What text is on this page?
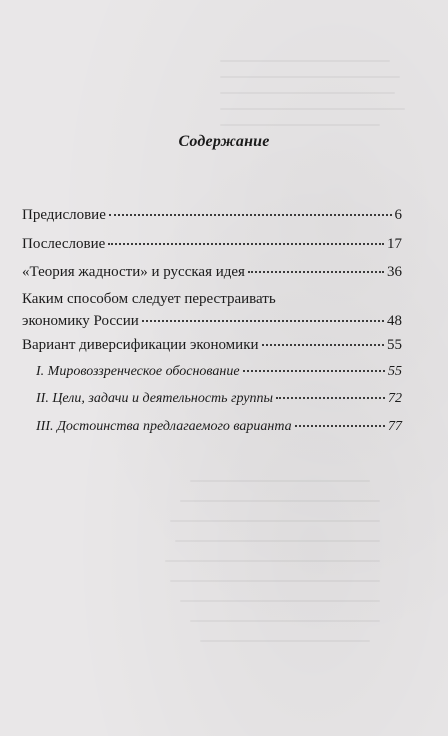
Содержание
Предисловие	6
Послесловие	17
«Теория жадности» и русская идея	36
Каким способом следует перестраивать
экономику России	48
Вариант диверсификации экономики	55
I. Мировоззренческое обоснование	55
II. Цели, задачи и деятельность группы	72
III. Достоинства предлагаемого варианта	77
